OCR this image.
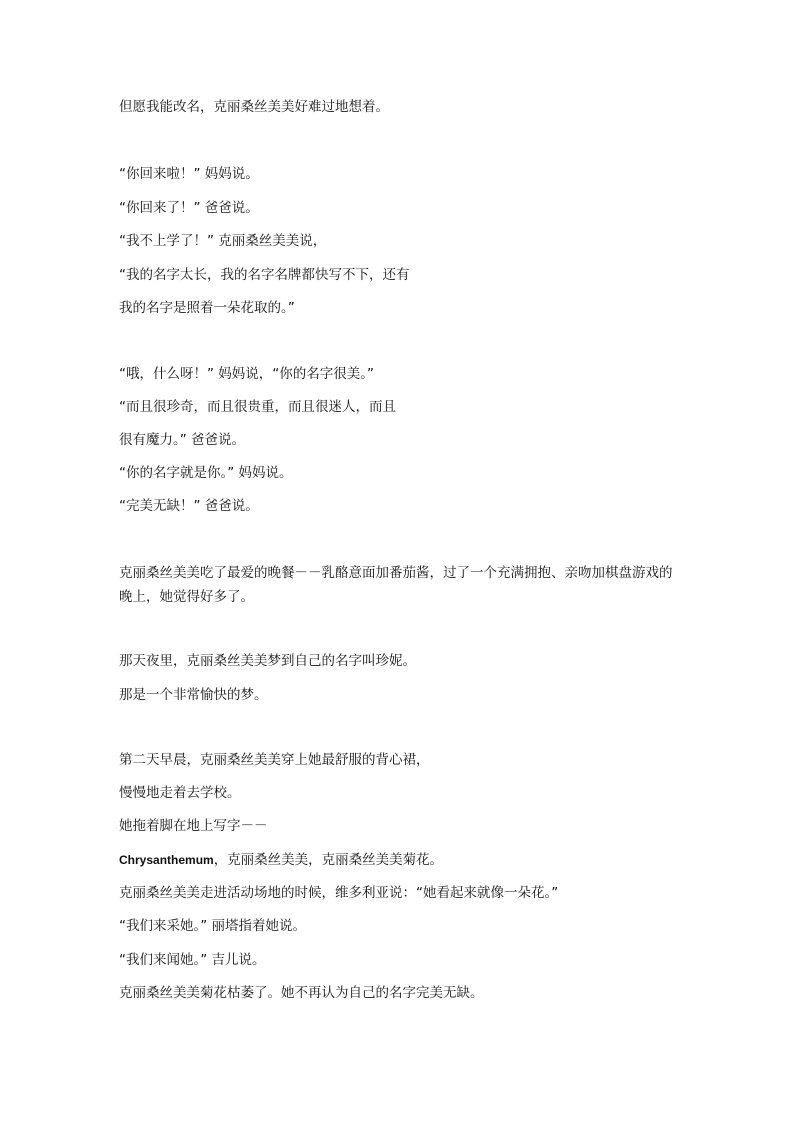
但愿我能改名，克丽桑丝美美好难过地想着。
“你回来啦！” 妈妈说。
“你回来了！” 爸爸说。
“我不上学了！” 克丽桑丝美美说，
“我的名字太长，我的名字名牌都快写不下，还有
我的名字是照着一朵花取的。”
“哦，什么呀！” 妈妈说，“你的名字很美。”
“而且很珍奇，而且很贵重，而且很迷人，而且
很有魔力。” 爸爸说。
“你的名字就是你。” 妈妈说。
“完美无缺！” 爸爸说。
克丽桑丝美美吃了最爱的晚餐－－乳酪意面加番茄酱，过了一个充满拥抱、亲吻加棋盘游戏的晚上，她觉得好多了。
那天夜里，克丽桑丝美美梦到自己的名字叫珍妮。
那是一个非常愉快的梦。
第二天早晨，克丽桑丝美美穿上她最舒服的背心裙，
慢慢地走着去学校。
她拖着脚在地上写字－－
Chrysanthemum，克丽桑丝美美，克丽桑丝美美菊花。
克丽桑丝美美走进活动场地的时候，维多利亚说：“她看起来就像一朵花。”
“我们来采她。” 丽塔指着她说。
“我们来闻她。” 吉儿说。
克丽桑丝美美菊花枯萎了。她不再认为自己的名字完美无缺。
